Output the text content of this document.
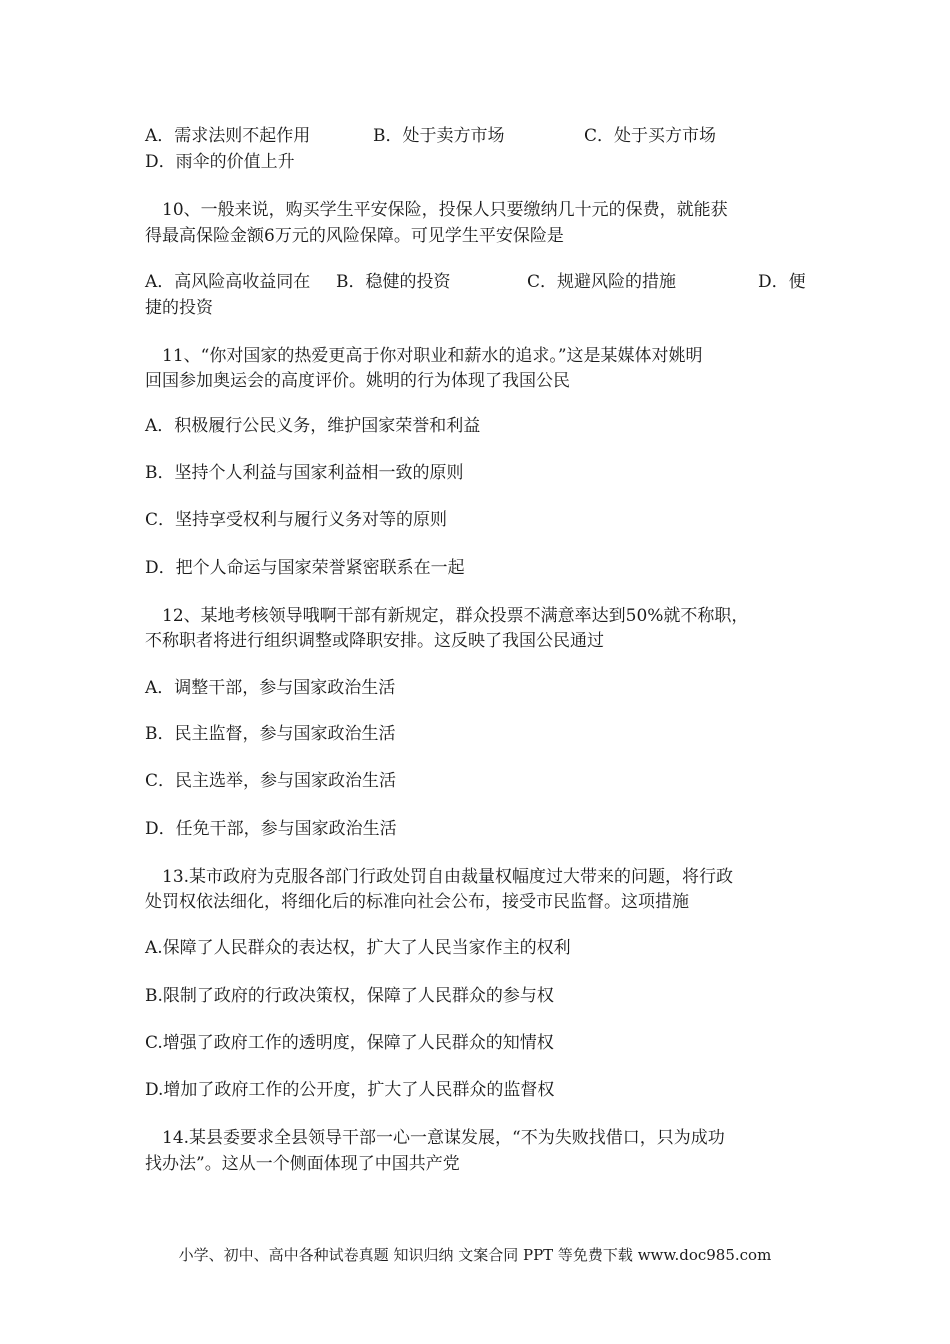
A．需求法则不起作用	B．处于卖方市场	C．处于买方市场
D．雨伞的价值上升
10、一般来说，购买学生平安保险，投保人只要缴纳几十元的保费，就能获
得最高保险金额6万元的风险保障。可见学生平安保险是
A．高风险高收益同在 B．稳健的投资	C．规避风险的措施	D．便
捷的投资
11、“你对国家的热爱更高于你对职业和薪水的追求。”这是某媒体对姚明
回国参加奥运会的高度评价。姚明的行为体现了我国公民
A．积极履行公民义务，维护国家荣誉和利益
B．坚持个人利益与国家利益相一致的原则
C．坚持享受权利与履行义务对等的原则
D．把个人命运与国家荣誉紧密联系在一起
12、某地考核领导哦啊干部有新规定，群众投票不满意率达到50%就不称职，
不称职者将进行组织调整或降职安排。这反映了我国公民通过
A．调整干部，参与国家政治生活
B．民主监督，参与国家政治生活
C．民主选举，参与国家政治生活
D．任免干部，参与国家政治生活
13.某市政府为克服各部门行政处罚自由裁量权幅度过大带来的问题，将行政
处罚权依法细化，将细化后的标准向社会公布，接受市民监督。这项措施
A.保障了人民群众的表达权，扩大了人民当家作主的权利
B.限制了政府的行政决策权，保障了人民群众的参与权
C.增强了政府工作的透明度，保障了人民群众的知情权
D.增加了政府工作的公开度，扩大了人民群众的监督权
14.某县委要求全县领导干部一心一意谋发展，“不为失败找借口，只为成功
找办法”。这从一个侧面体现了中国共产党
小学、初中、高中各种试卷真题 知识归纳 文案合同 PPT 等免费下载 www.doc985.com
